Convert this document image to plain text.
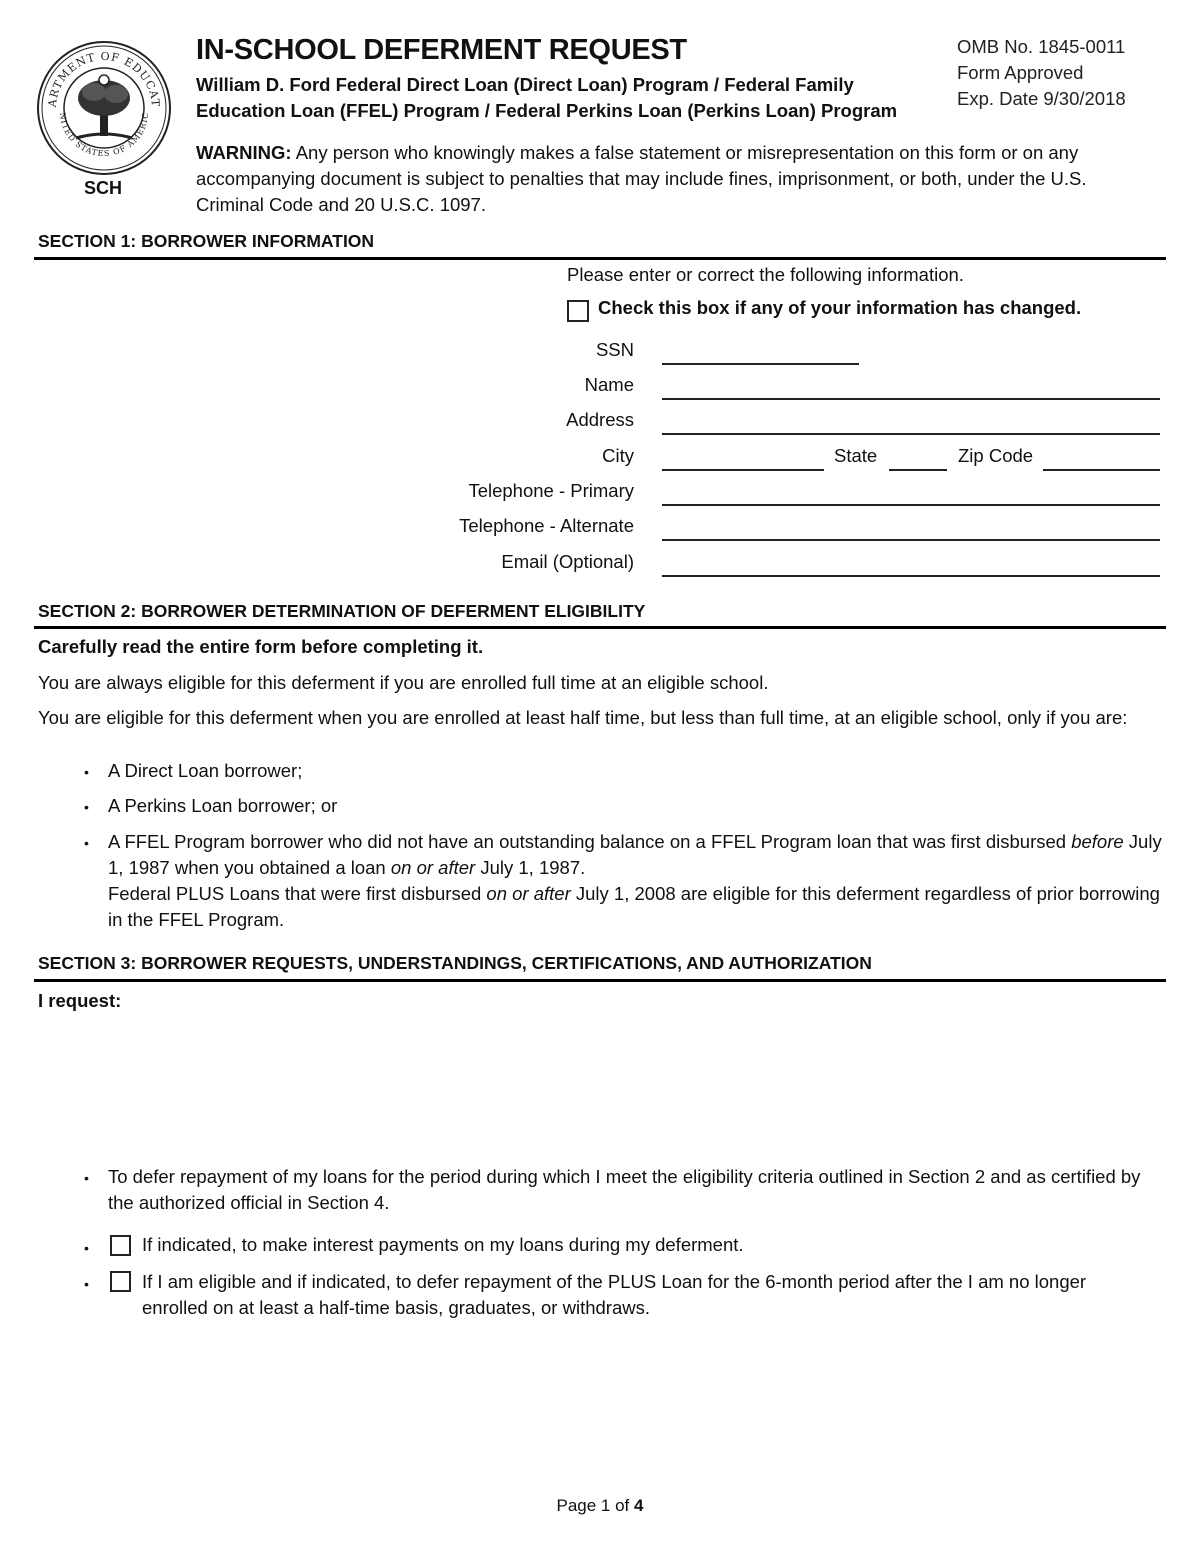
ARTMENT OF EDUCAT
NITED STATES OF AMERIC
SCH
IN-SCHOOL DEFERMENT REQUEST
William D. Ford Federal Direct Loan (Direct Loan) Program / Federal Family
Education Loan (FFEL) Program / Federal Perkins Loan (Perkins Loan) Program
OMB No. 1845-0011
Form Approved
Exp. Date 9/30/2018
WARNING: Any person who knowingly makes a false statement or misrepresentation on this form or on any accompanying document is subject to penalties that may include fines, imprisonment, or both, under the U.S. Criminal Code and 20 U.S.C. 1097.
SECTION 1: BORROWER INFORMATION
Please enter or correct the following information.
Check this box if any of your information has changed.
SSN
Name
Address
City	State	Zip Code
Telephone - Primary
Telephone - Alternate
Email (Optional)
SECTION 2: BORROWER DETERMINATION OF DEFERMENT ELIGIBILITY
Carefully read the entire form before completing it.
You are always eligible for this deferment if you are enrolled full time at an eligible school.
You are eligible for this deferment when you are enrolled at least half time, but less than full time, at an eligible school, only if you are:
• A Direct Loan borrower;
• A Perkins Loan borrower; or
• A FFEL Program borrower who did not have an outstanding balance on a FFEL Program loan that was first disbursed before July 1, 1987 when you obtained a loan on or after July 1, 1987.
Federal PLUS Loans that were first disbursed on or after July 1, 2008 are eligible for this deferment regardless of prior borrowing in the FFEL Program.
SECTION 3: BORROWER REQUESTS, UNDERSTANDINGS, CERTIFICATIONS, AND AUTHORIZATION
I request:
• To defer repayment of my loans for the period during which I meet the eligibility criteria outlined in Section 2 and as certified by the authorized official in Section 4.
•	If indicated, to make interest payments on my loans during my deferment.
•	If I am eligible and if indicated, to defer repayment of the PLUS Loan for the 6-month period after the I am no longer enrolled on at least a half-time basis, graduates, or withdraws.
Page 1 of 4
